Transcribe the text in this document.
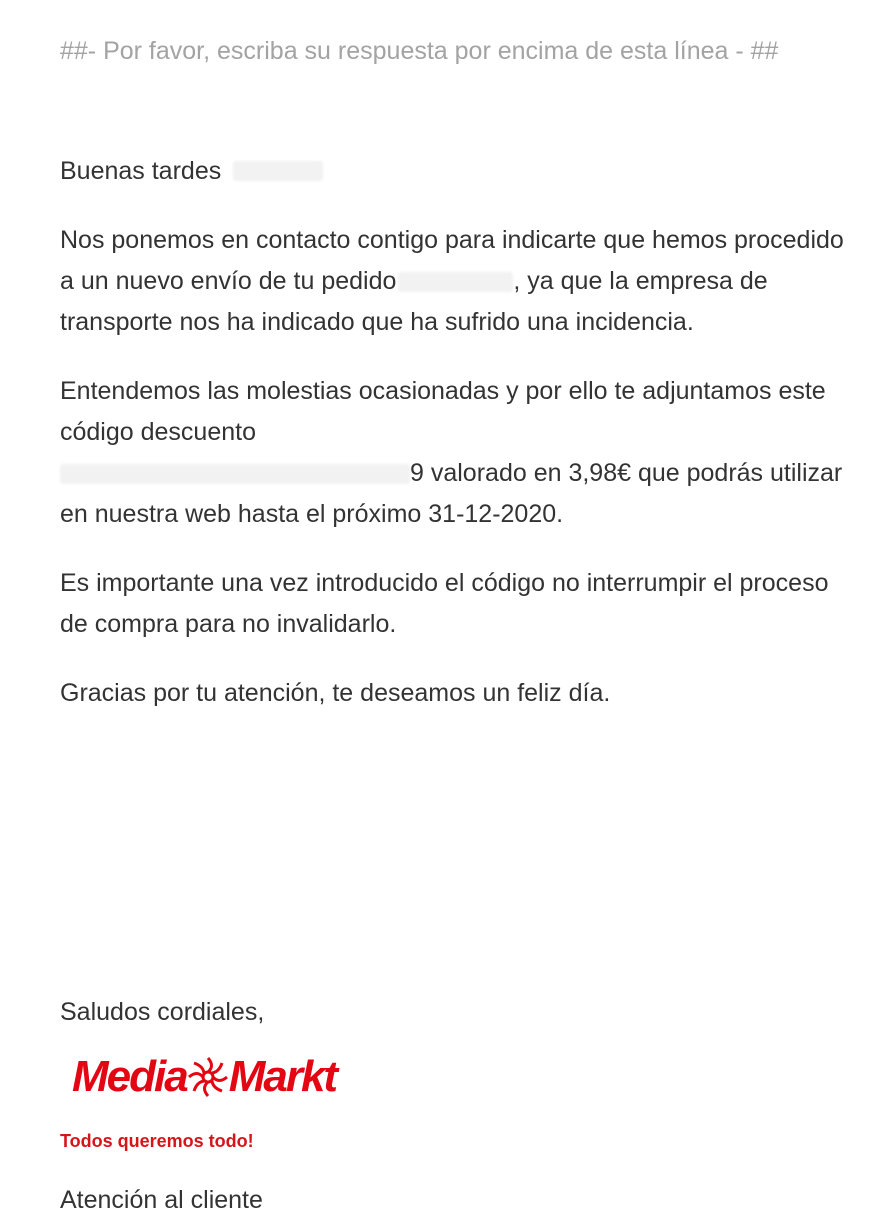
##- Por favor, escriba su respuesta por encima de esta línea - ##

Buenas tardes

Nos ponemos en contacto contigo para indicarte que hemos procedido a un nuevo envío de tu pedido	, ya que la empresa de transporte nos ha indicado que ha sufrido una incidencia.

Entendemos las molestias ocasionadas y por ello te adjuntamos este código descuento
9 valorado en 3,98€ que podrás utilizar en nuestra web hasta el próximo 31-12-2020.

Es importante una vez introducido el código no interrumpir el proceso de compra para no invalidarlo.

Gracias por tu atención, te deseamos un feliz día.

Saludos cordiales,

Media Markt

Todos queremos todo!

Atención al cliente
